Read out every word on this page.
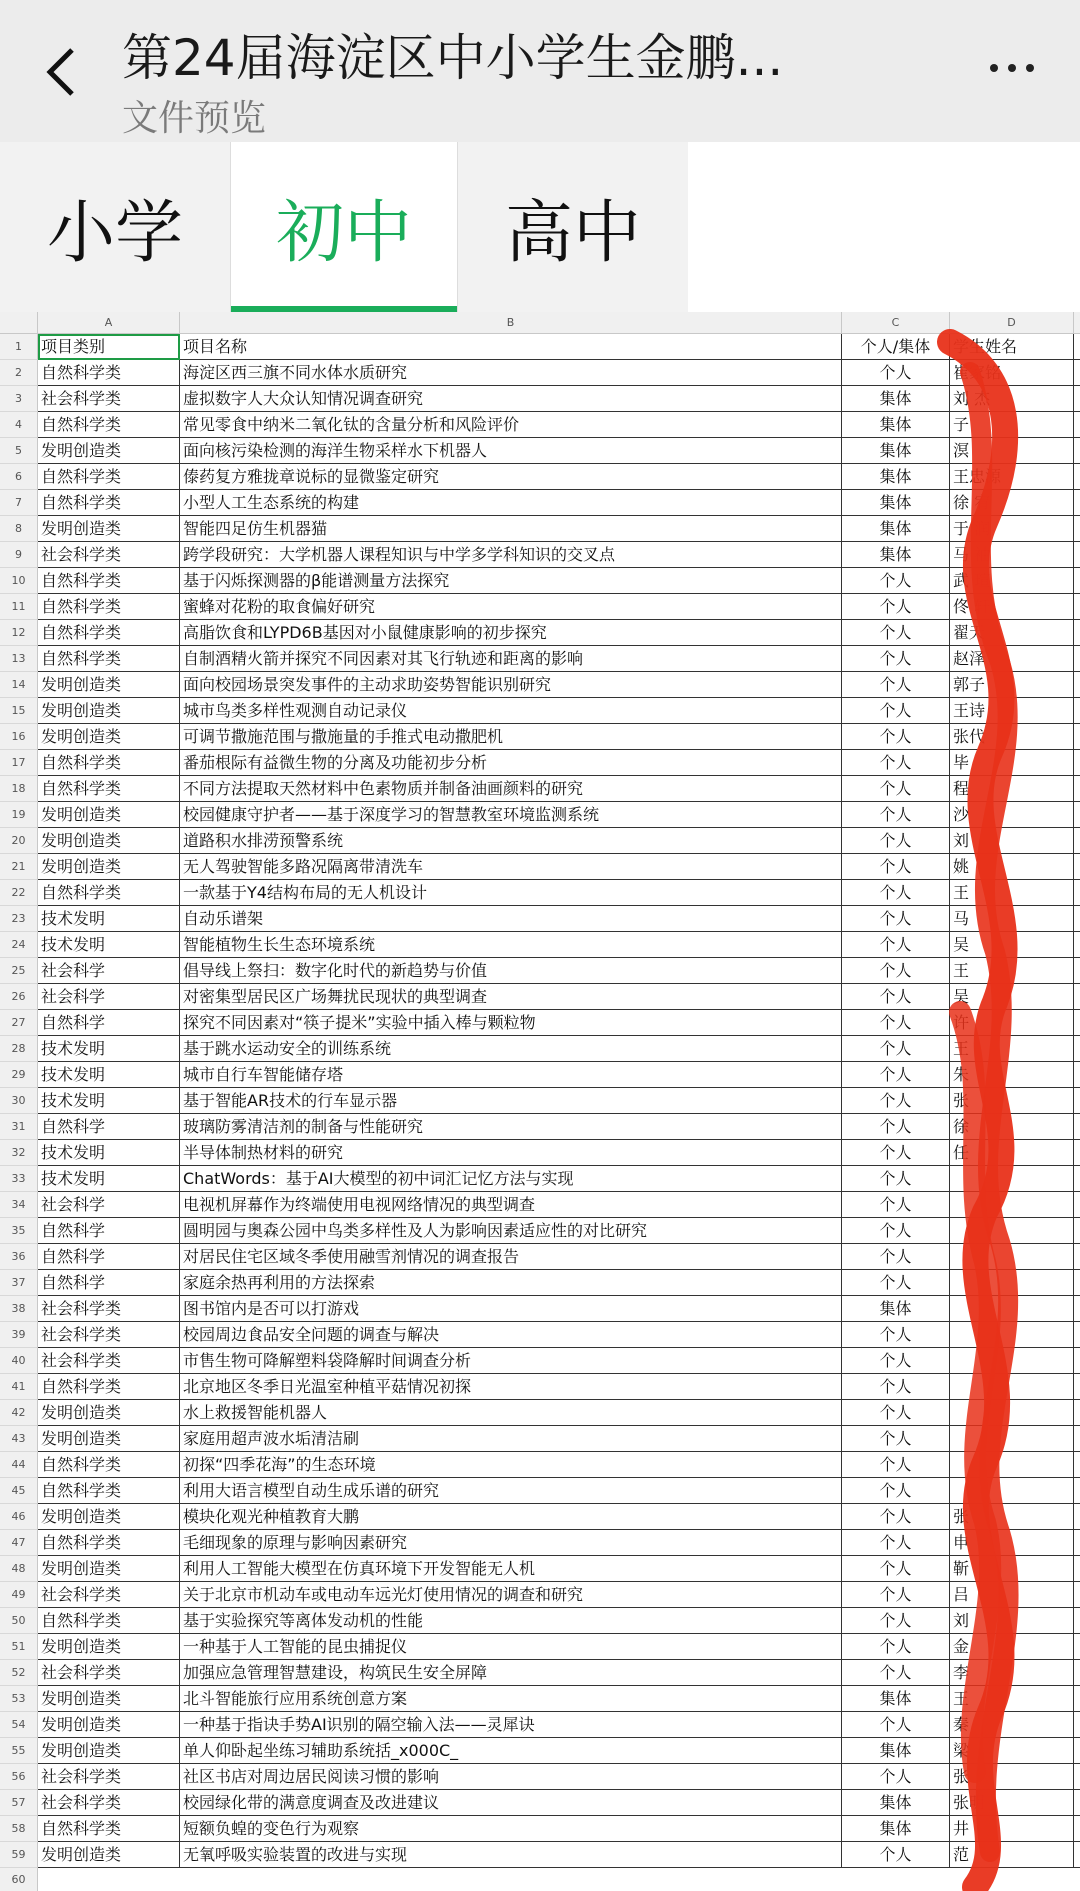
第24届海淀区中小学生金鹏...
文件预览
小学	初中	高中
A	B	C	D
1	项目类别	项目名称	个人/集体	学生姓名
2	自然科学类	海淀区西三旗不同水体水质研究	个人	崔家铭
3	社会科学类	虚拟数字人大众认知情况调查研究	集体	刘 杰
4	自然科学类	常见零食中纳米二氧化钛的含量分析和风险评价	集体	子
5	发明创造类	面向核污染检测的海洋生物采样水下机器人	集体	溟
6	自然科学类	傣药复方雅拢章说标的显微鉴定研究	集体	王忠源
7	自然科学类	小型人工生态系统的构建	集体	徐 宥
8	发明创造类	智能四足仿生机器猫	集体	于 润
9	社会科学类	跨学段研究：大学机器人课程知识与中学多学科知识的交叉点	集体	马 袖
10 自然科学类	基于闪烁探测器的β能谱测量方法探究	个人	武 瑄
11 自然科学类	蜜蜂对花粉的取食偏好研究	个人	佟 轩
12 自然科学类	高脂饮食和LYPD6B基因对小鼠健康影响的初步探究	个人	翟天
13 自然科学类	自制酒精火箭并探究不同因素对其飞行轨迹和距离的影响	个人	赵泽
14 发明创造类	面向校园场景突发事件的主动求助姿势智能识别研究	个人	郭子
15 发明创造类	城市鸟类多样性观测自动记录仪	个人	王诗
16 发明创造类	可调节撒施范围与撒施量的手推式电动撒肥机	个人	张代
17 自然科学类	番茄根际有益微生物的分离及功能初步分析	个人	毕
18 自然科学类	不同方法提取天然材料中色素物质并制备油画颜料的研究	个人	程
19 发明创造类	校园健康守护者——基于深度学习的智慧教室环境监测系统	个人	沙
20 发明创造类	道路积水排涝预警系统	个人	刘
21 发明创造类	无人驾驶智能多路况隔离带清洗车	个人	姚
22 自然科学类	一款基于Y4结构布局的无人机设计	个人	王
23 技术发明	自动乐谱架	个人	马
24 技术发明	智能植物生长生态环境系统	个人	吴
25 社会科学	倡导线上祭扫：数字化时代的新趋势与价值	个人	王
26 社会科学	对密集型居民区广场舞扰民现状的典型调查	个人	吴
27 自然科学	探究不同因素对“筷子提米”实验中插入棒与颗粒物	个人	许
28 技术发明	基于跳水运动安全的训练系统	个人	王
29 技术发明	城市自行车智能储存塔	个人	朱
30 技术发明	基于智能AR技术的行车显示器	个人	张
31 自然科学	玻璃防雾清洁剂的制备与性能研究	个人	徐
32 技术发明	半导体制热材料的研究	个人	任
33 技术发明	ChatWords：基于AI大模型的初中词汇记忆方法与实现	个人
34 社会科学	电视机屏幕作为终端使用电视网络情况的典型调查	个人
35 自然科学	圆明园与奥森公园中鸟类多样性及人为影响因素适应性的对比研究	个人
36 自然科学	对居民住宅区域冬季使用融雪剂情况的调查报告	个人
37 自然科学	家庭余热再利用的方法探索	个人
38 社会科学类	图书馆内是否可以打游戏	集体
39 社会科学类	校园周边食品安全问题的调查与解决	个人
40 社会科学类	市售生物可降解塑料袋降解时间调查分析	个人
41 自然科学类	北京地区冬季日光温室种植平菇情况初探	个人
42 发明创造类	水上救援智能机器人	个人
43 发明创造类	家庭用超声波水垢清洁刷	个人
44 自然科学类	初探“四季花海”的生态环境	个人
45 自然科学类	利用大语言模型自动生成乐谱的研究	个人
46 发明创造类	模块化观光种植教育大鹏	个人	张
47 自然科学类	毛细现象的原理与影响因素研究	个人	申
48 发明创造类	利用人工智能大模型在仿真环境下开发智能无人机	个人	靳
49 社会科学类	关于北京市机动车或电动车远光灯使用情况的调查和研究	个人	吕
50 自然科学类	基于实验探究等离体发动机的性能	个人	刘
51 发明创造类	一种基于人工智能的昆虫捕捉仪	个人	金
52 社会科学类	加强应急管理智慧建设，构筑民生安全屏障	个人	李
53 发明创造类	北斗智能旅行应用系统创意方案	集体	王
54 发明创造类	一种基于指诀手势AI识别的隔空输入法——灵犀诀	个人	秦
55 发明创造类	单人仰卧起坐练习辅助系统括_x000C_	集体	梁
56 社会科学类	社区书店对周边居民阅读习惯的影响	个人	张
57 社会科学类	校园绿化带的满意度调查及改进建议	集体	张明
58 自然科学类	短额负蝗的变色行为观察	集体	井
59 发明创造类	无氧呼吸实验装置的改进与实现	个人	范
60
